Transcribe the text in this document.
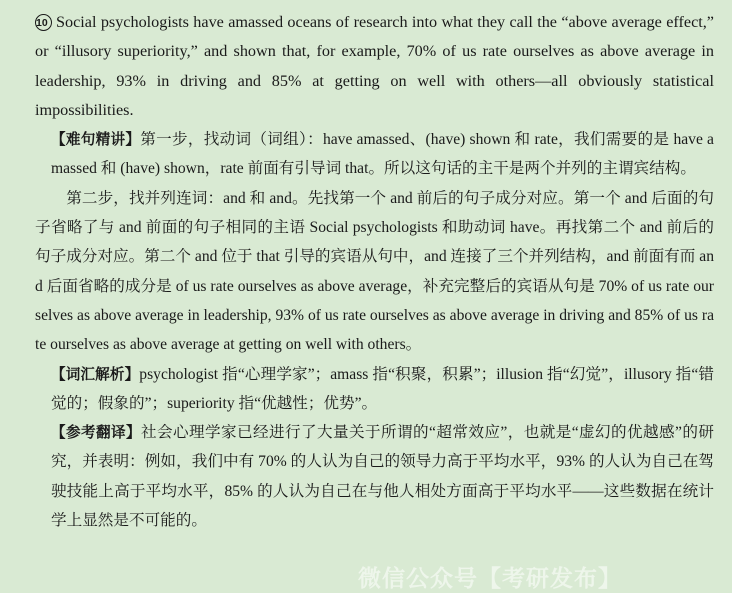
10 Social psychologists have amassed oceans of research into what they call the “above average effect,” or “illusory superiority,” and shown that, for example, 70% of us rate ourselves as above average in leadership, 93% in driving and 85% at getting on well with others—all obviously statistical impossibilities.

【难句精讲】第一步，找动词（词组）：have amassed、(have) shown 和 rate，我们需要的是 have amassed 和 (have) shown，rate 前面有引导词 that。所以这句话的主干是两个并列的主谓宾结构。

第二步，找并列连词：and 和 and。先找第一个 and 前后的句子成分对应。第一个 and 后面的句子省略了与 and 前面的句子相同的主语 Social psychologists 和助动词 have。再找第二个 and 前后的句子成分对应。第二个 and 位于 that 引导的宾语从句中，and 连接了三个并列结构，and 前面有而 and 后面省略的成分是 of us rate ourselves as above average，补充完整后的宾语从句是 70% of us rate ourselves as above average in leadership, 93% of us rate ourselves as above average in driving and 85% of us rate ourselves as above average at getting on well with others。

【词汇解析】psychologist 指“心理学家”；amass 指“积聚，积累”；illusion 指“幻觉”，illusory 指“错觉的；假象的”；superiority 指“优越性；优势”。

【参考翻译】社会心理学家已经进行了大量关于所谓的“超常效应”，也就是“虚幻的优越感”的研究，并表明：例如，我们中有 70% 的人认为自己的领导力高于平均水平，93% 的人认为自己在驾驶技能上高于平均水平，85% 的人认为自己在与他人相处方面高于平均水平——这些数据在统计学上显然是不可能的。

微信公众号【考研发布】
